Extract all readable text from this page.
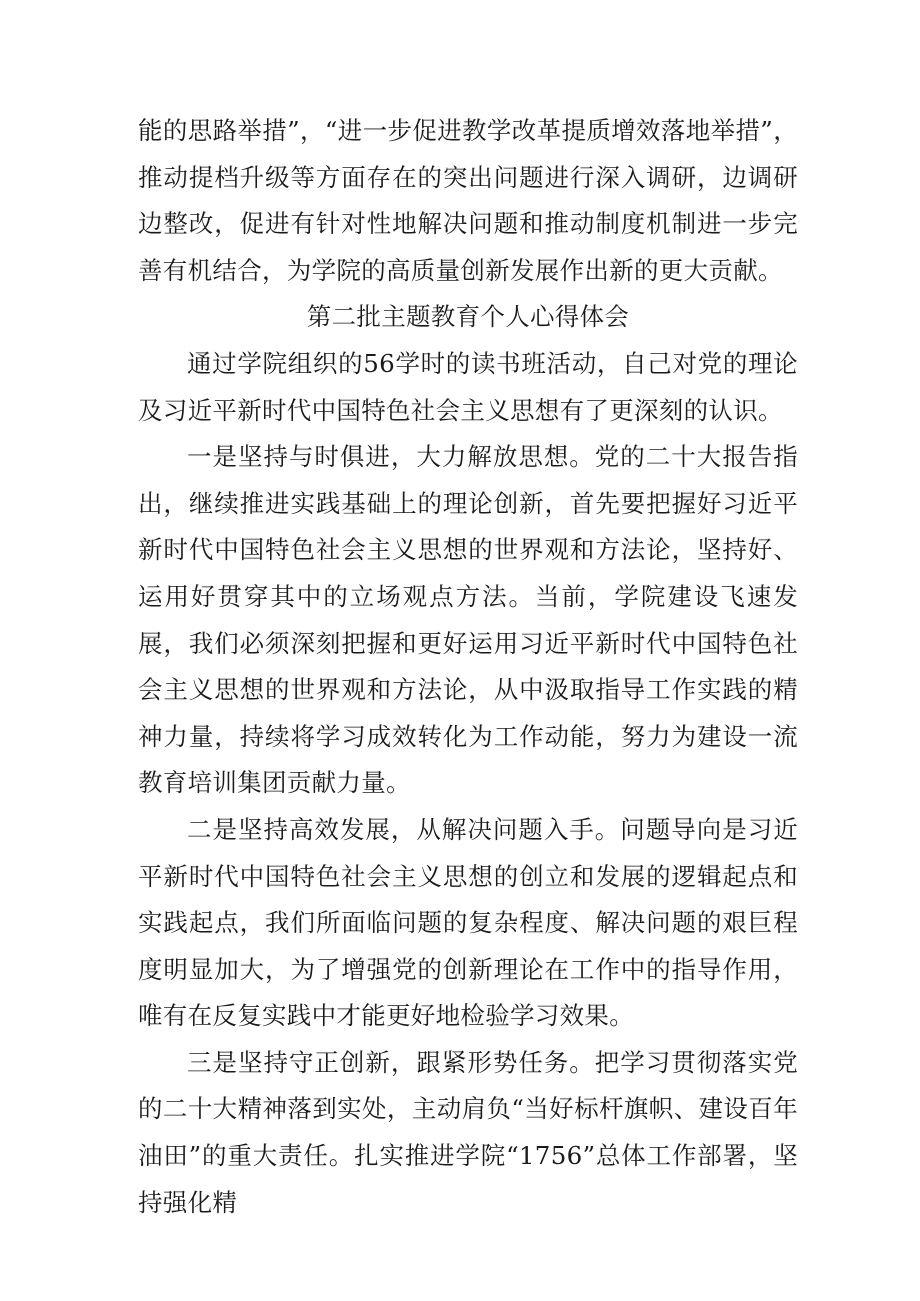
能的思路举措”，“进一步促进教学改革提质增效落地举措”，推动提档升级等方面存在的突出问题进行深入调研，边调研边整改，促进有针对性地解决问题和推动制度机制进一步完善有机结合，为学院的高质量创新发展作出新的更大贡献。

第二批主题教育个人心得体会

通过学院组织的56学时的读书班活动，自己对党的理论及习近平新时代中国特色社会主义思想有了更深刻的认识。

一是坚持与时俱进，大力解放思想。党的二十大报告指出，继续推进实践基础上的理论创新，首先要把握好习近平新时代中国特色社会主义思想的世界观和方法论，坚持好、运用好贯穿其中的立场观点方法。当前，学院建设飞速发展，我们必须深刻把握和更好运用习近平新时代中国特色社会主义思想的世界观和方法论，从中汲取指导工作实践的精神力量，持续将学习成效转化为工作动能，努力为建设一流教育培训集团贡献力量。

二是坚持高效发展，从解决问题入手。问题导向是习近平新时代中国特色社会主义思想的创立和发展的逻辑起点和实践起点，我们所面临问题的复杂程度、解决问题的艰巨程度明显加大，为了增强党的创新理论在工作中的指导作用，唯有在反复实践中才能更好地检验学习效果。

三是坚持守正创新，跟紧形势任务。把学习贯彻落实党的二十大精神落到实处，主动肩负“当好标杆旗帜、建设百年油田”的重大责任。扎实推进学院“1756”总体工作部署，坚持强化精
